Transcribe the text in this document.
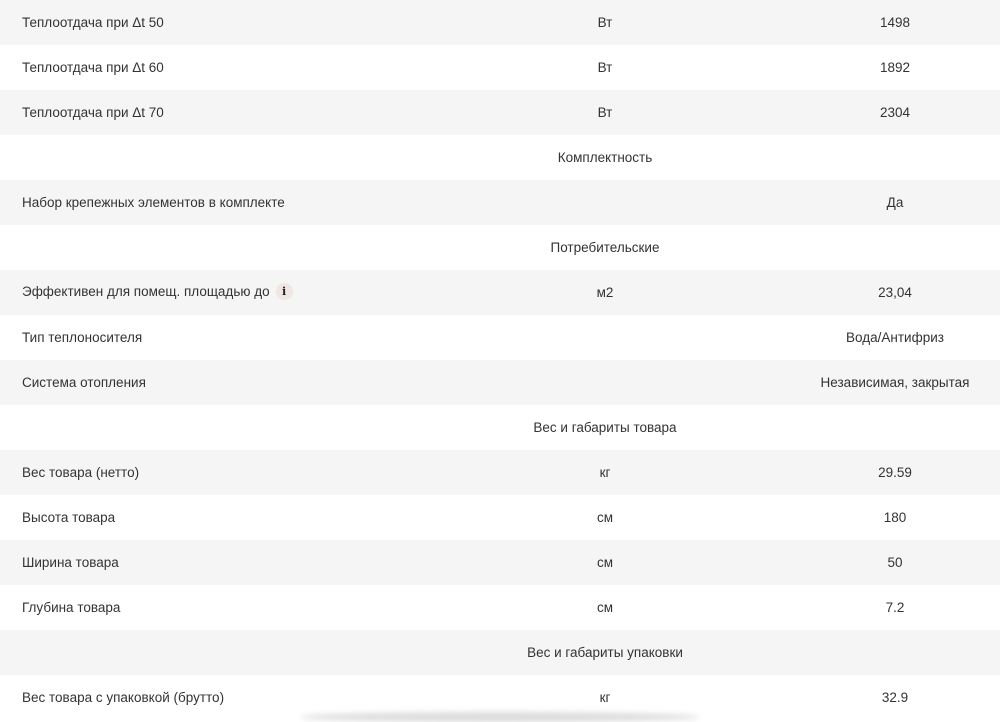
Теплоотдача при Δt 50	Вт	1498
Теплоотдача при Δt 60	Вт	1892
Теплоотдача при Δt 70	Вт	2304
Комплектность		
Набор крепежных элементов в комплекте		Да
Потребительские		
Эффективен для помещ. площадью до i	м2	23,04
Тип теплоносителя		Вода/Антифриз
Система отопления		Независимая, закрытая
Вес и габариты товара		
Вес товара (нетто)	кг	29.59
Высота товара	см	180
Ширина товара	см	50
Глубина товара	см	7.2
Вес и габариты упаковки		
Вес товара с упаковкой (брутто)	кг	32.9
